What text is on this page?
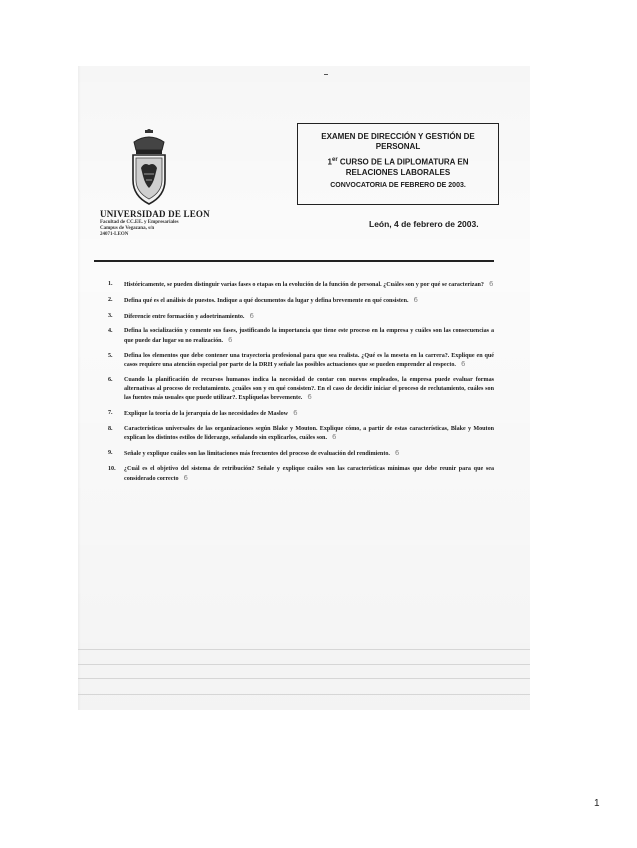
UNIVERSIDAD DE LEON
Facultad de CC.EE. y Empresariales
Campus de Vegazana, s/n
24071-LEON
EXAMEN DE DIRECCIÓN Y GESTIÓN DE PERSONAL
1er CURSO DE LA DIPLOMATURA EN RELACIONES LABORALES
CONVOCATORIA DE FEBRERO DE 2003.
León, 4 de febrero de 2003.
1. Históricamente, se pueden distinguir varias fases o etapas en la evolución de la función de personal. ¿Cuáles son y por qué se caracterizan? 6
2. Defina qué es el análisis de puestos. Indique a qué documentos da lugar y defina brevemente en qué consisten. 6
3. Diferencie entre formación y adoetrinamiento. 6
4. Defina la socialización y comente sus fases, justificando la importancia que tiene este proceso en la empresa y cuáles son las consecuencias a que puede dar lugar su no realización. 6
5. Defina los elementos que debe contener una trayectoria profesional para que sea realista. ¿Qué es la meseta en la carrera?. Explique en qué casos requiere una atención especial por parte de la DRH y señale las posibles actuaciones que se pueden emprender al respecto. 6
6. Cuando la planificación de recursos humanos indica la necesidad de contar con nuevos empleados, la empresa puede evaluar formas alternativas al proceso de reclutamiento. ¿cuáles son y en qué consisten?. En el caso de decidir iniciar el proceso de reclutamiento, cuáles son las fuentes más usuales que puede utilizar?. Explíquelas brevemente. 6
7. Explique la teoría de la jerarquía de las necesidades de Maslow 6
8. Características universales de las organizaciones según Blake y Mouton. Explique cómo, a partir de estas características, Blake y Mouton explican los distintos estilos de liderazgo, señalando sin explicarlos, cuáles son. 6
9. Señale y explique cuáles son las limitaciones más frecuentes del proceso de evaluación del rendimiento. 6
10. ¿Cuál es el objetivo del sistema de retribución? Señale y explique cuáles son las características mínimas que debe reunir para que sea considerado correcto 6
1
